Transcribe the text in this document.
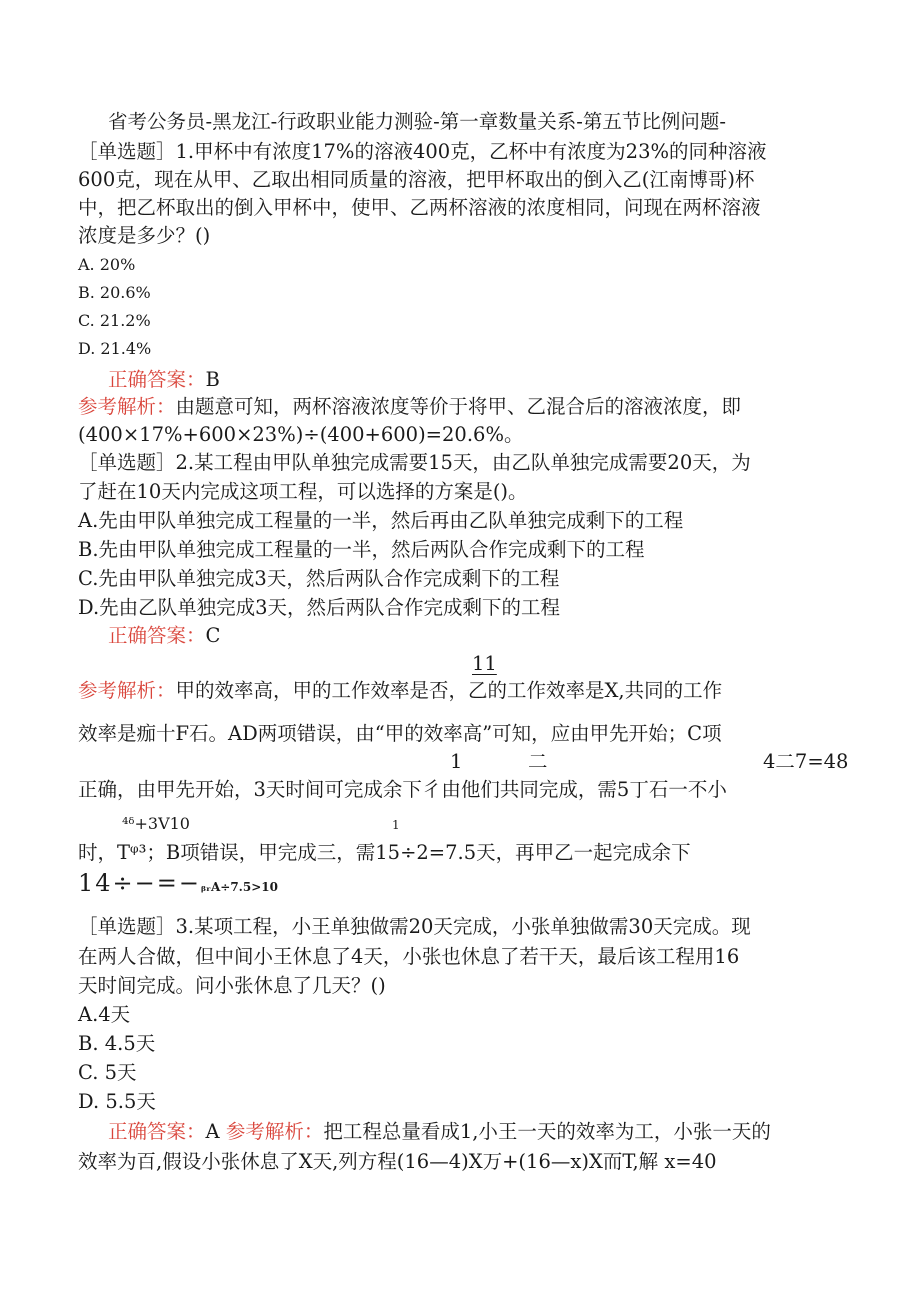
省考公务员-黑龙江-行政职业能力测验-第一章数量关系-第五节比例问题-
［单选题］1.甲杯中有浓度17%的溶液400克，乙杯中有浓度为23%的同种溶液
600克，现在从甲、乙取出相同质量的溶液，把甲杯取出的倒入乙(江南博哥)杯
中，把乙杯取出的倒入甲杯中，使甲、乙两杯溶液的浓度相同，问现在两杯溶液
浓度是多少？()
A. 20%
B. 20.6%
C. 21.2%
D. 21.4%
正确答案：B
参考解析：由题意可知，两杯溶液浓度等价于将甲、乙混合后的溶液浓度，即
(400×17%+600×23%)÷(400+600)=20.6%。
［单选题］2.某工程由甲队单独完成需要15天，由乙队单独完成需要20天，为
了赶在10天内完成这项工程，可以选择的方案是()。
A.先由甲队单独完成工程量的一半，然后再由乙队单独完成剩下的工程
B.先由甲队单独完成工程量的一半，然后两队合作完成剩下的工程
C.先由甲队单独完成3天，然后两队合作完成剩下的工程
D.先由乙队单独完成3天，然后两队合作完成剩下的工程
正确答案：C
11
参考解析：甲的效率高，甲的工作效率是否，乙的工作效率是X,共同的工作
效率是痂十F石。AD两项错误，由“甲的效率高”可知，应由甲先开始；C项
1	二	4二7=48
正确，由甲先开始，3天时间可完成余下彳由他们共同完成，需5丁石一不小
⁴ᵟ+3V10	1
时，Tᵠ³；B项错误，甲完成三，需15÷2=7.5天，再甲乙一起完成余下
14÷−=−ᵦᵣA÷7.5>10
［单选题］3.某项工程，小王单独做需20天完成，小张单独做需30天完成。现
在两人合做，但中间小王休息了4天，小张也休息了若干天，最后该工程用16
天时间完成。问小张休息了几天？()
A.4天
B. 4.5天
C. 5天
D. 5.5天
正确答案：A 参考解析：把工程总量看成1,小王一天的效率为工，小张一天的
效率为百,假设小张休息了X天,列方程(16—4)X万+(16—x)X而T,解 x=40
